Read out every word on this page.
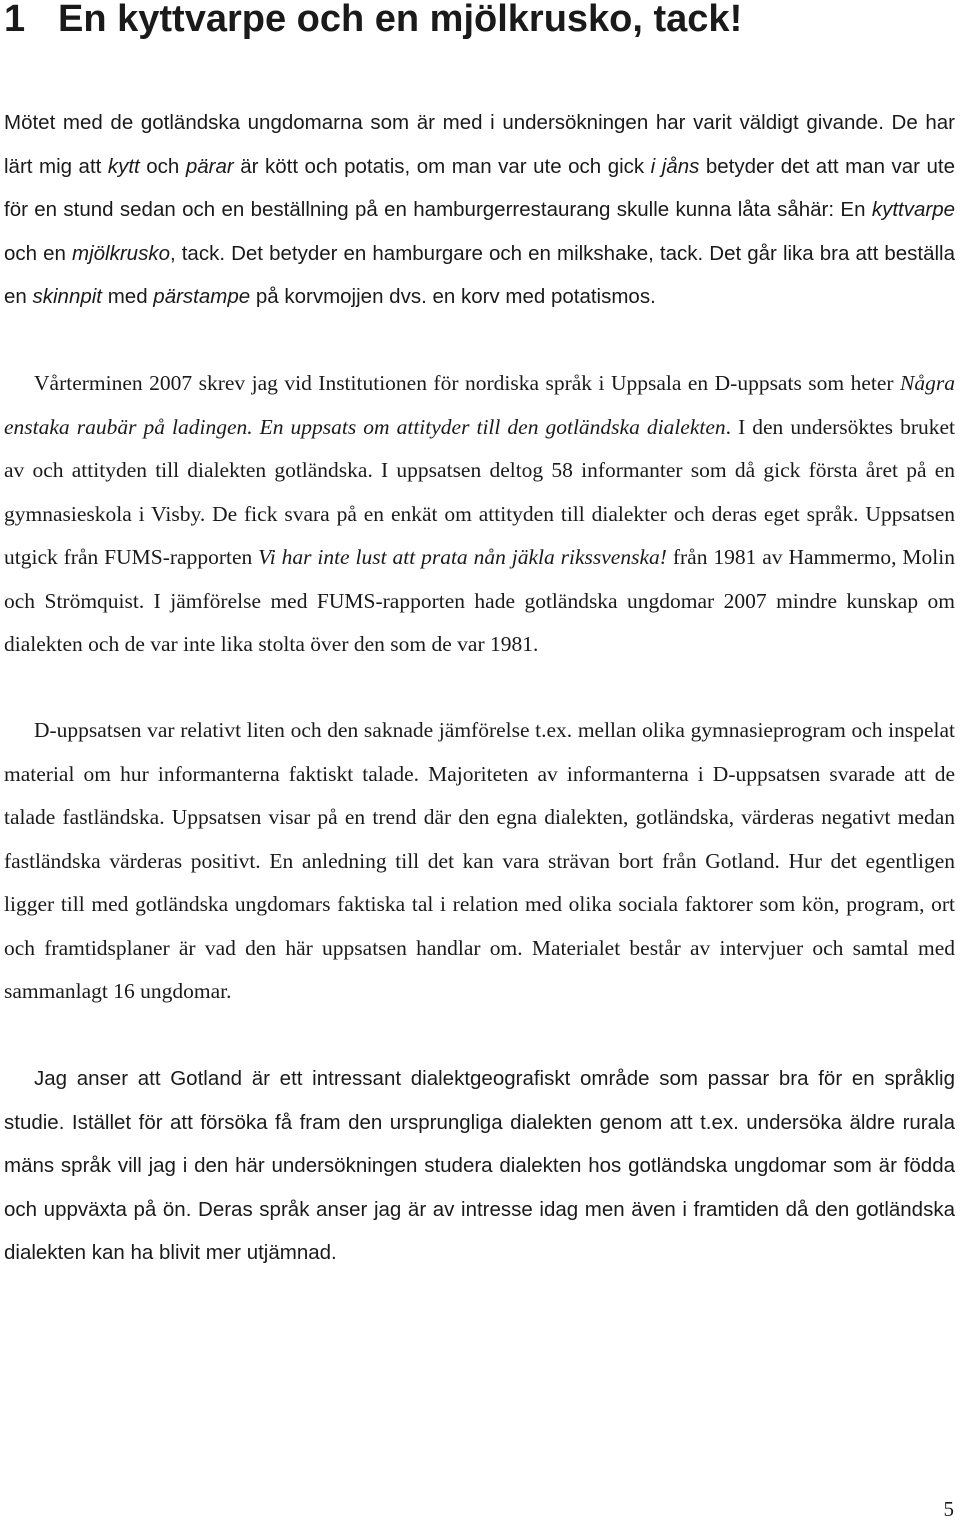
1 En kyttvarpe och en mjölkrusko, tack!

Mötet med de gotländska ungdomarna som är med i undersökningen har varit väldigt givande. De har lärt mig att kytt och pärar är kött och potatis, om man var ute och gick i jåns betyder det att man var ute för en stund sedan och en beställning på en hamburgerrestaurang skulle kunna låta såhär: En kyttvarpe och en mjölkrusko, tack. Det betyder en hamburgare och en milkshake, tack. Det går lika bra att beställa en skinnpit med pärstampe på korvmojjen dvs. en korv med potatismos.

Vårterminen 2007 skrev jag vid Institutionen för nordiska språk i Uppsala en D-uppsats som heter Några enstaka raubär på ladingen. En uppsats om attityder till den gotländska dialekten. I den undersöktes bruket av och attityden till dialekten gotländska. I uppsatsen deltog 58 informanter som då gick första året på en gymnasieskola i Visby. De fick svara på en enkät om attityden till dialekter och deras eget språk. Uppsatsen utgick från FUMS-rapporten Vi har inte lust att prata nån jäkla rikssvenska! från 1981 av Hammermo, Molin och Strömquist. I jämförelse med FUMS-rapporten hade gotländska ungdomar 2007 mindre kunskap om dialekten och de var inte lika stolta över den som de var 1981.

D-uppsatsen var relativt liten och den saknade jämförelse t.ex. mellan olika gymnasieprogram och inspelat material om hur informanterna faktiskt talade. Majoriteten av informanterna i D-uppsatsen svarade att de talade fastländska. Uppsatsen visar på en trend där den egna dialekten, gotländska, värderas negativt medan fastländska värderas positivt. En anledning till det kan vara strävan bort från Gotland. Hur det egentligen ligger till med gotländska ungdomars faktiska tal i relation med olika sociala faktorer som kön, program, ort och framtidsplaner är vad den här uppsatsen handlar om. Materialet består av intervjuer och samtal med sammanlagt 16 ungdomar.

Jag anser att Gotland är ett intressant dialektgeografiskt område som passar bra för en språklig studie. Istället för att försöka få fram den ursprungliga dialekten genom att t.ex. undersöka äldre rurala mäns språk vill jag i den här undersökningen studera dialekten hos gotländska ungdomar som är födda och uppväxta på ön. Deras språk anser jag är av intresse idag men även i framtiden då den gotländska dialekten kan ha blivit mer utjämnad.

5
